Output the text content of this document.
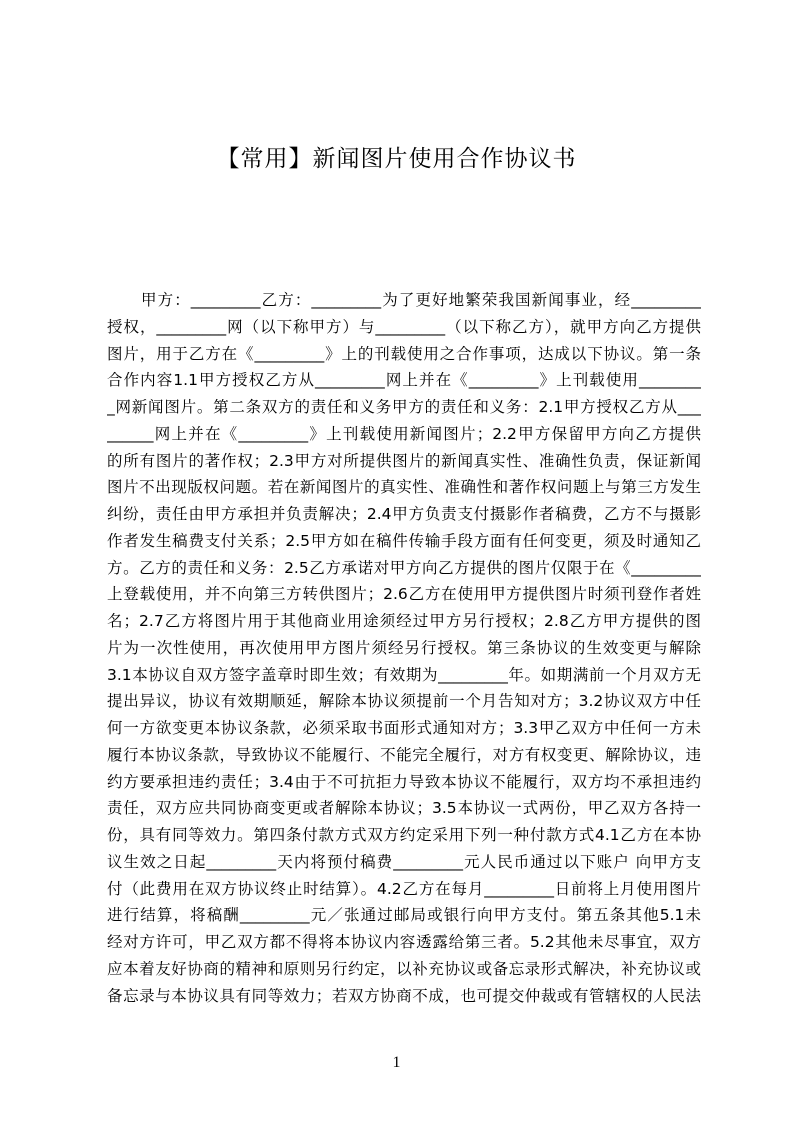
【常用】新闻图片使用合作协议书
甲方：_________乙方：_________为了更好地繁荣我国新闻事业，经_________
授权，_________网（以下称甲方）与_________（以下称乙方），就甲方向乙方提供
图片，用于乙方在《_________》上的刊载使用之合作事项，达成以下协议。第一条
合作内容1.1甲方授权乙方从_________网上并在《_________》上刊载使用________
_网新闻图片。第二条双方的责任和义务甲方的责任和义务：2.1甲方授权乙方从___
______网上并在《_________》上刊载使用新闻图片；2.2甲方保留甲方向乙方提供
的所有图片的著作权；2.3甲方对所提供图片的新闻真实性、准确性负责，保证新闻
图片不出现版权问题。若在新闻图片的真实性、准确性和著作权问题上与第三方发生
纠纷，责任由甲方承担并负责解决；2.4甲方负责支付摄影作者稿费，乙方不与摄影
作者发生稿费支付关系；2.5甲方如在稿件传输手段方面有任何变更，须及时通知乙
方。乙方的责任和义务：2.5乙方承诺对甲方向乙方提供的图片仅限于在《_________
上登载使用，并不向第三方转供图片；2.6乙方在使用甲方提供图片时须刊登作者姓
名；2.7乙方将图片用于其他商业用途须经过甲方另行授权；2.8乙方甲方提供的图
片为一次性使用，再次使用甲方图片须经另行授权。第三条协议的生效变更与解除
3.1本协议自双方签字盖章时即生效；有效期为_________年。如期满前一个月双方无
提出异议，协议有效期顺延，解除本协议须提前一个月告知对方；3.2协议双方中任
何一方欲变更本协议条款，必须采取书面形式通知对方；3.3甲乙双方中任何一方未
履行本协议条款，导致协议不能履行、不能完全履行，对方有权变更、解除协议，违
约方要承担违约责任；3.4由于不可抗拒力导致本协议不能履行，双方均不承担违约
责任，双方应共同协商变更或者解除本协议；3.5本协议一式两份，甲乙双方各持一
份，具有同等效力。第四条付款方式双方约定采用下列一种付款方式4.1乙方在本协
议生效之日起_________天内将预付稿费_________元人民币通过以下账户 向甲方支
付（此费用在双方协议终止时结算）。4.2乙方在每月_________日前将上月使用图片
进行结算，将稿酬_________元／张通过邮局或银行向甲方支付。第五条其他5.1未
经对方许可，甲乙双方都不得将本协议内容透露给第三者。5.2其他未尽事宜，双方
应本着友好协商的精神和原则另行约定，以补充协议或备忘录形式解决，补充协议或
备忘录与本协议具有同等效力；若双方协商不成，也可提交仲裁或有管辖权的人民法
1
